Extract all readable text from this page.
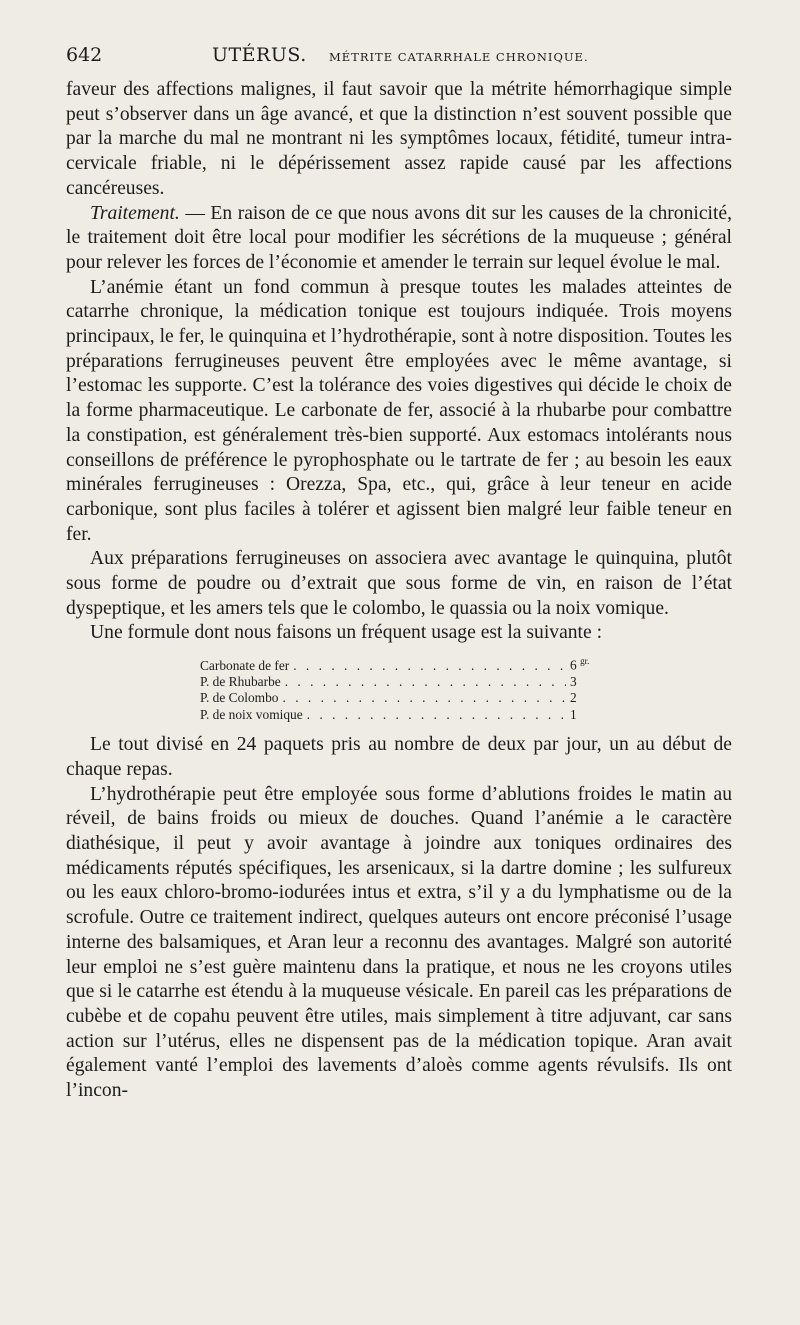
642	UTÉRUS. MÉTRITE CATARRHALE CHRONIQUE.

faveur des affections malignes, il faut savoir que la métrite hémorrhagique simple peut s’observer dans un âge avancé, et que la distinction n’est souvent possible que par la marche du mal ne montrant ni les symptômes locaux, fétidité, tumeur intra-cervicale friable, ni le dépérissement assez rapide causé par les affections cancéreuses.

Traitement. — En raison de ce que nous avons dit sur les causes de la chronicité, le traitement doit être local pour modifier les sécrétions de la muqueuse ; général pour relever les forces de l’économie et amender le terrain sur lequel évolue le mal.

L’anémie étant un fond commun à presque toutes les malades atteintes de catarrhe chronique, la médication tonique est toujours indiquée. Trois moyens principaux, le fer, le quinquina et l’hydrothérapie, sont à notre disposition. Toutes les préparations ferrugineuses peuvent être employées avec le même avantage, si l’estomac les supporte. C’est la tolérance des voies digestives qui décide le choix de la forme pharmaceutique. Le carbonate de fer, associé à la rhubarbe pour combattre la constipation, est généralement très-bien supporté. Aux estomacs intolérants nous conseillons de préférence le pyrophosphate ou le tartrate de fer ; au besoin les eaux minérales ferrugineuses : Orezza, Spa, etc., qui, grâce à leur teneur en acide carbonique, sont plus faciles à tolérer et agissent bien malgré leur faible teneur en fer.

Aux préparations ferrugineuses on associera avec avantage le quinquina, plutôt sous forme de poudre ou d’extrait que sous forme de vin, en raison de l’état dyspeptique, et les amers tels que le colombo, le quassia ou la noix vomique.

Une formule dont nous faisons un fréquent usage est la suivante :

Carbonate de fer . . .	6 $^{gr.}$
P. de Rhubarbe . . .	3
P. de Colombo . . .	2
P. de noix vomique . . .	1

Le tout divisé en 24 paquets pris au nombre de deux par jour, un au début de chaque repas.

L’hydrothérapie peut être employée sous forme d’ablutions froides le matin au réveil, de bains froids ou mieux de douches. Quand l’anémie a le caractère diathésique, il peut y avoir avantage à joindre aux toniques ordinaires des médicaments réputés spécifiques, les arsenicaux, si la dartre domine ; les sulfureux ou les eaux chloro-bromo-iodurées intus et extra, s’il y a du lymphatisme ou de la scrofule. Outre ce traitement indirect, quelques auteurs ont encore préconisé l’usage interne des balsamiques, et Aran leur a reconnu des avantages. Malgré son autorité leur emploi ne s’est guère maintenu dans la pratique, et nous ne les croyons utiles que si le catarrhe est étendu à la muqueuse vésicale. En pareil cas les préparations de cubèbe et de copahu peuvent être utiles, mais simplement à titre adjuvant, car sans action sur l’utérus, elles ne dispensent pas de la médication topique. Aran avait également vanté l’emploi des lavements d’aloès comme agents révulsifs. Ils ont l’incon-
